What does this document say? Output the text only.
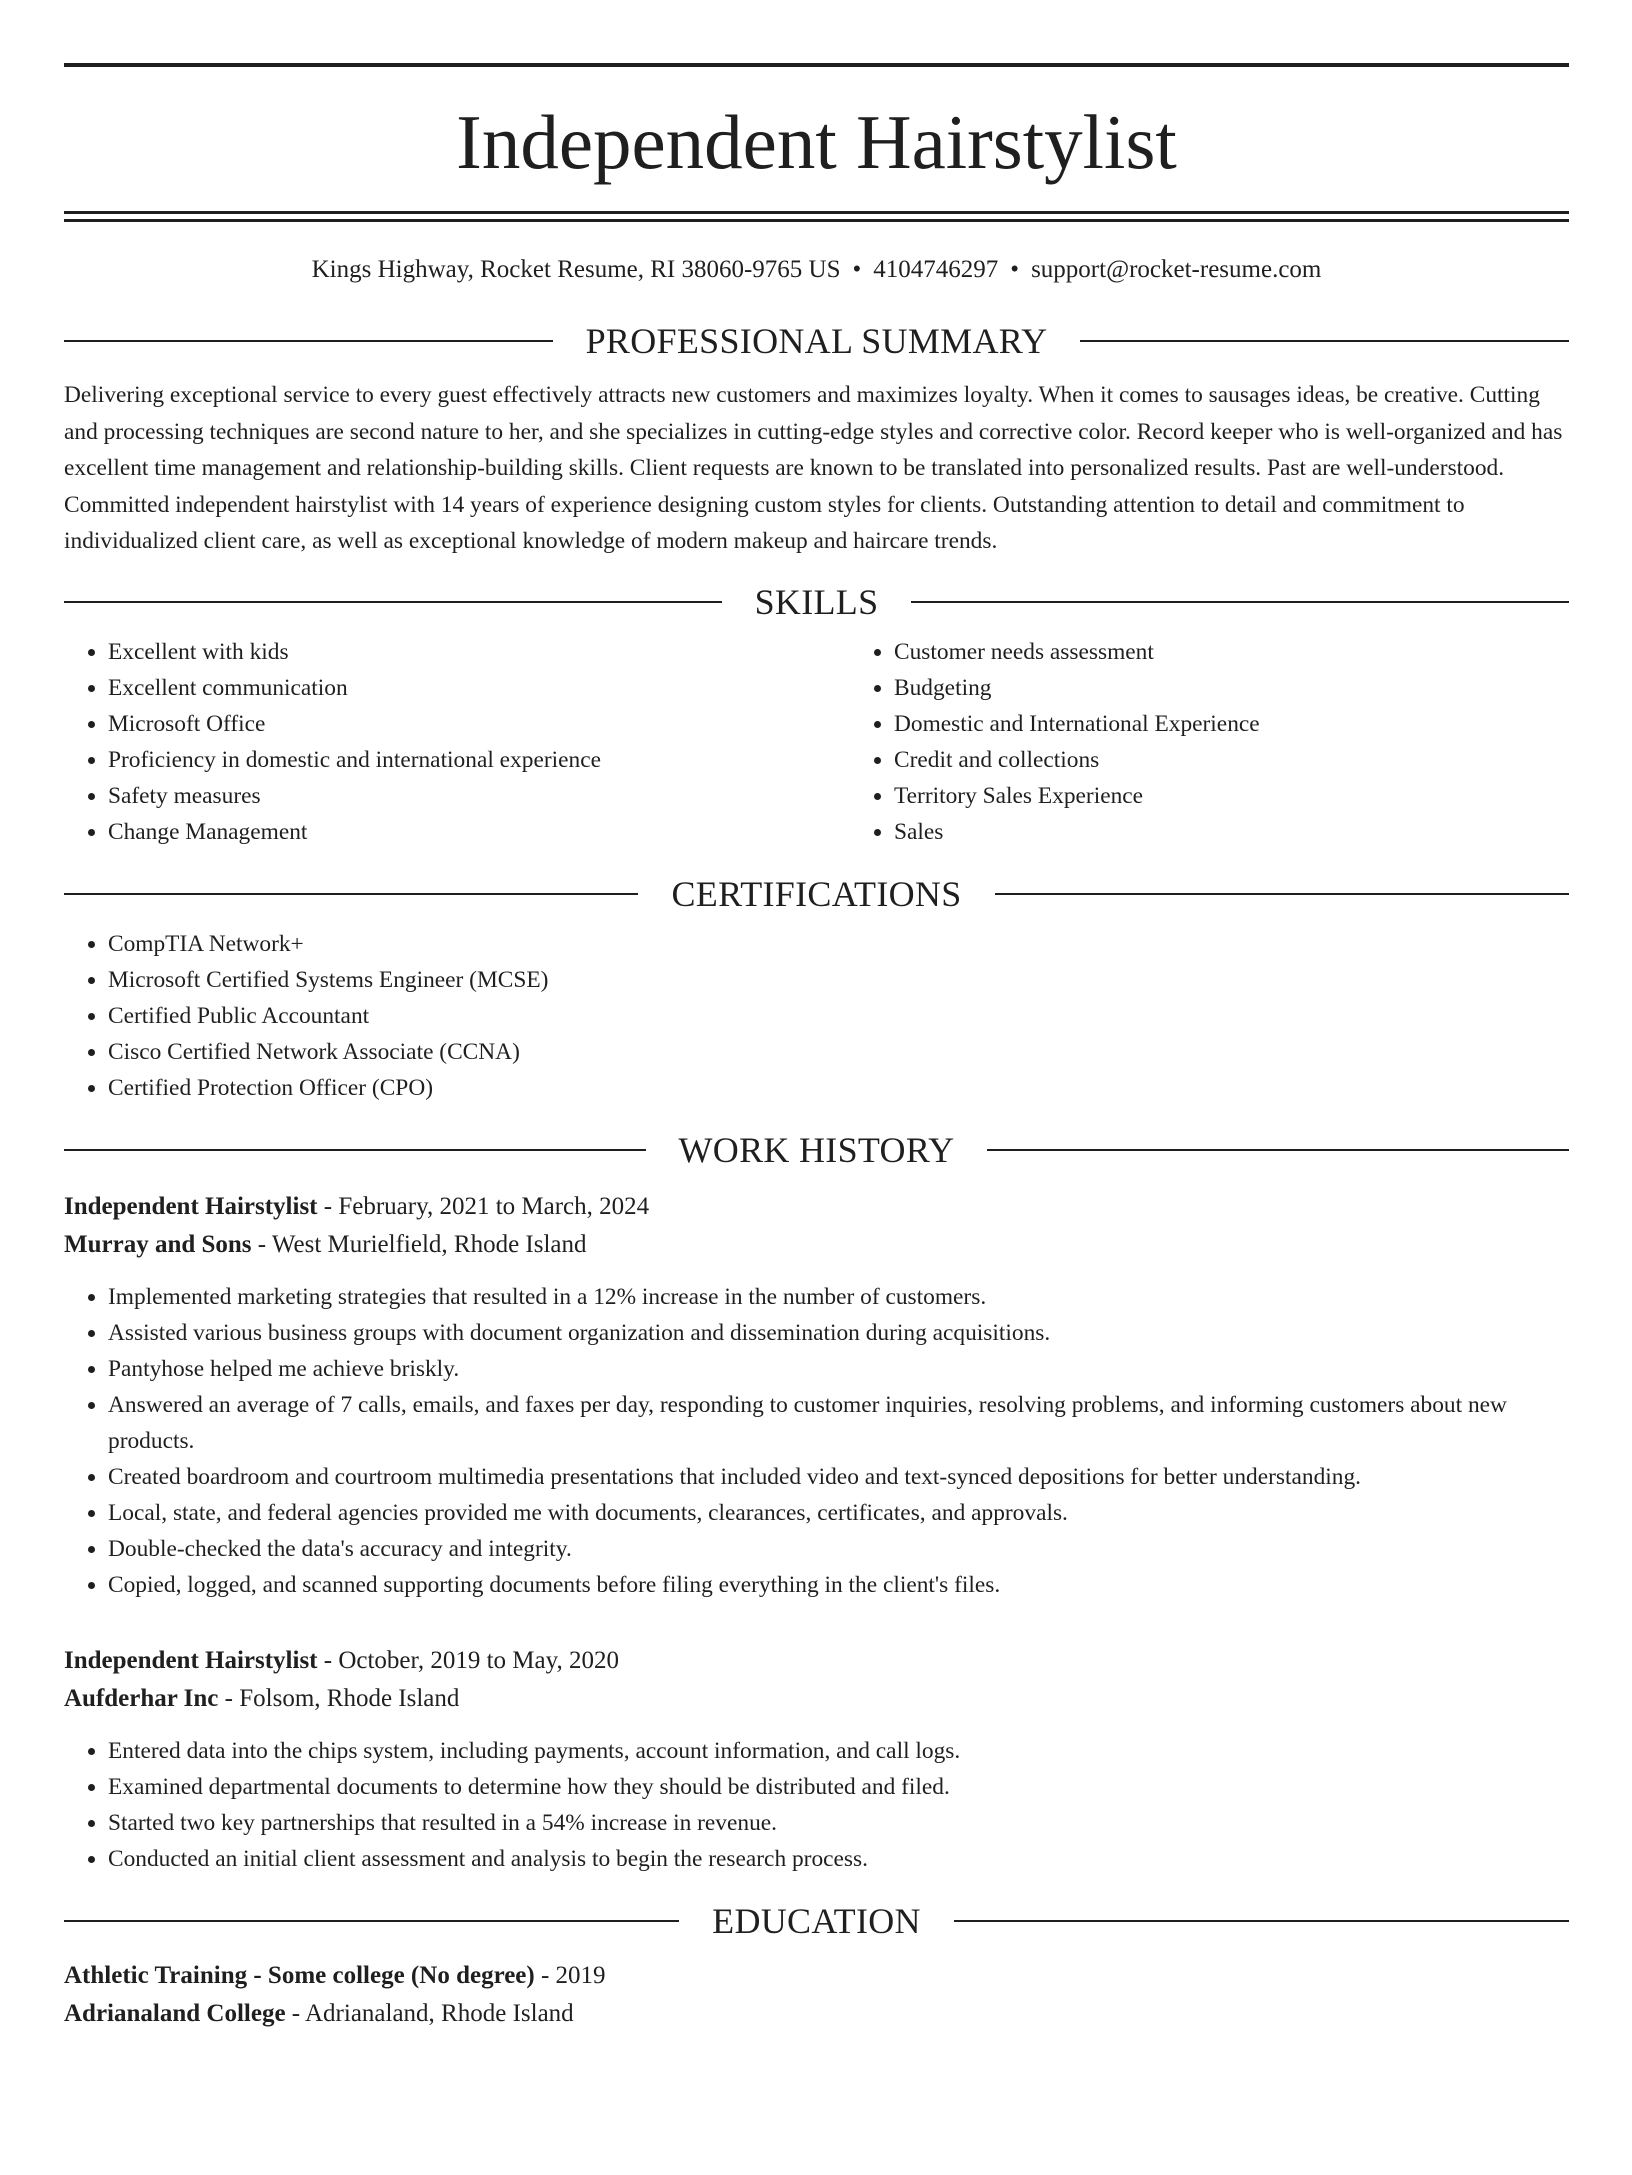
Independent Hairstylist
Kings Highway, Rocket Resume, RI 38060-9765 US • 4104746297 • support@rocket-resume.com
PROFESSIONAL SUMMARY
Delivering exceptional service to every guest effectively attracts new customers and maximizes loyalty. When it comes to sausages ideas, be creative. Cutting and processing techniques are second nature to her, and she specializes in cutting-edge styles and corrective color. Record keeper who is well-organized and has excellent time management and relationship-building skills. Client requests are known to be translated into personalized results. Past are well-understood. Committed independent hairstylist with 14 years of experience designing custom styles for clients. Outstanding attention to detail and commitment to individualized client care, as well as exceptional knowledge of modern makeup and haircare trends.
SKILLS
• Excellent with kids
• Excellent communication
• Microsoft Office
• Proficiency in domestic and international experience
• Safety measures
• Change Management
• Customer needs assessment
• Budgeting
• Domestic and International Experience
• Credit and collections
• Territory Sales Experience
• Sales
CERTIFICATIONS
• CompTIA Network+
• Microsoft Certified Systems Engineer (MCSE)
• Certified Public Accountant
• Cisco Certified Network Associate (CCNA)
• Certified Protection Officer (CPO)
WORK HISTORY
Independent Hairstylist - February, 2021 to March, 2024
Murray and Sons - West Murielfield, Rhode Island
• Implemented marketing strategies that resulted in a 12% increase in the number of customers.
• Assisted various business groups with document organization and dissemination during acquisitions.
• Pantyhose helped me achieve briskly.
• Answered an average of 7 calls, emails, and faxes per day, responding to customer inquiries, resolving problems, and informing customers about new products.
• Created boardroom and courtroom multimedia presentations that included video and text-synced depositions for better understanding.
• Local, state, and federal agencies provided me with documents, clearances, certificates, and approvals.
• Double-checked the data's accuracy and integrity.
• Copied, logged, and scanned supporting documents before filing everything in the client's files.
Independent Hairstylist - October, 2019 to May, 2020
Aufderhar Inc - Folsom, Rhode Island
• Entered data into the chips system, including payments, account information, and call logs.
• Examined departmental documents to determine how they should be distributed and filed.
• Started two key partnerships that resulted in a 54% increase in revenue.
• Conducted an initial client assessment and analysis to begin the research process.
EDUCATION
Athletic Training - Some college (No degree) - 2019
Adrianaland College - Adrianaland, Rhode Island
